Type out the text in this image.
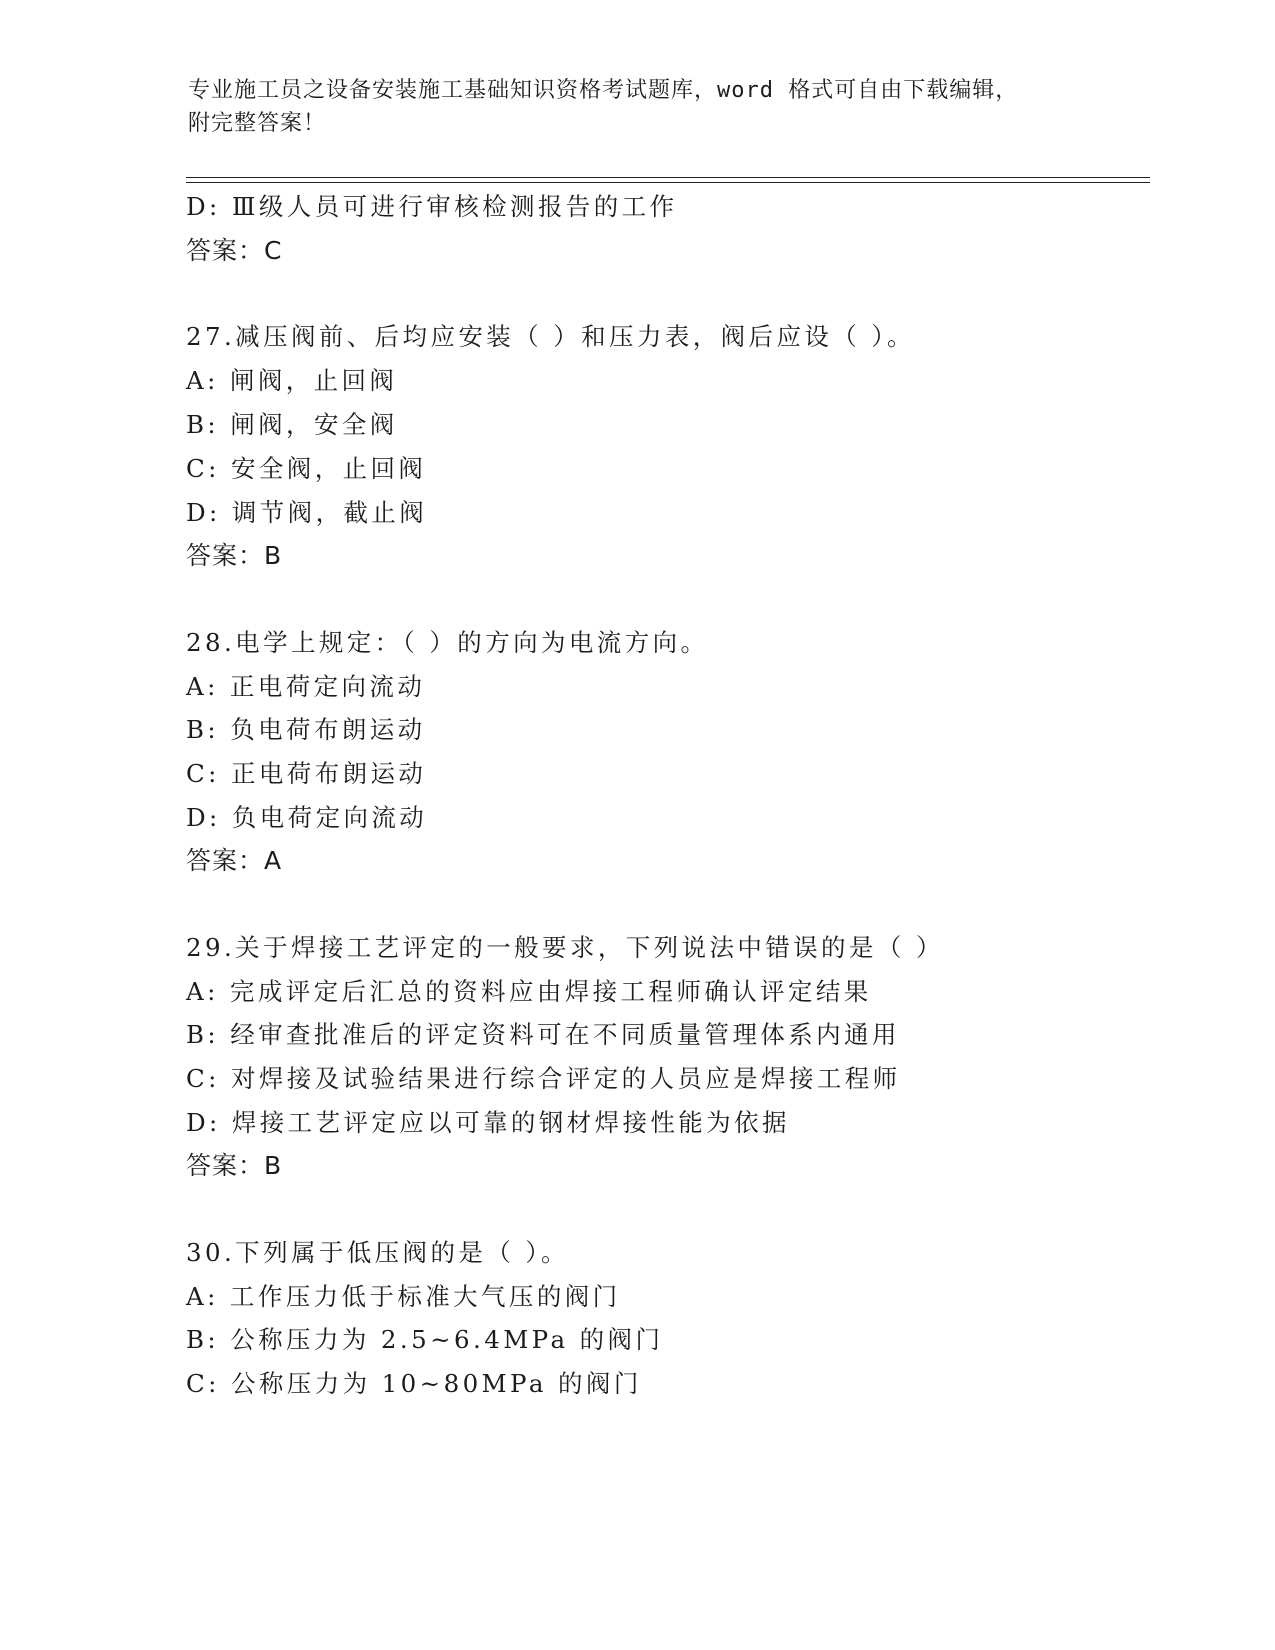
专业施工员之设备安装施工基础知识资格考试题库，word 格式可自由下载编辑，
附完整答案！
D: Ⅲ级人员可进行审核检测报告的工作
答案：C
27.减压阀前、后均应安装（ ）和压力表，阀后应设（ ）。
A: 闸阀，止回阀
B: 闸阀，安全阀
C: 安全阀，止回阀
D: 调节阀，截止阀
答案：B
28.电学上规定：（ ）的方向为电流方向。
A: 正电荷定向流动
B: 负电荷布朗运动
C: 正电荷布朗运动
D: 负电荷定向流动
答案：A
29.关于焊接工艺评定的一般要求，下列说法中错误的是（ ）
A: 完成评定后汇总的资料应由焊接工程师确认评定结果
B: 经审查批准后的评定资料可在不同质量管理体系内通用
C: 对焊接及试验结果进行综合评定的人员应是焊接工程师
D: 焊接工艺评定应以可靠的钢材焊接性能为依据
答案：B
30.下列属于低压阀的是（ ）。
A: 工作压力低于标准大气压的阀门
B: 公称压力为 2.5~6.4MPa 的阀门
C: 公称压力为 10~80MPa 的阀门
